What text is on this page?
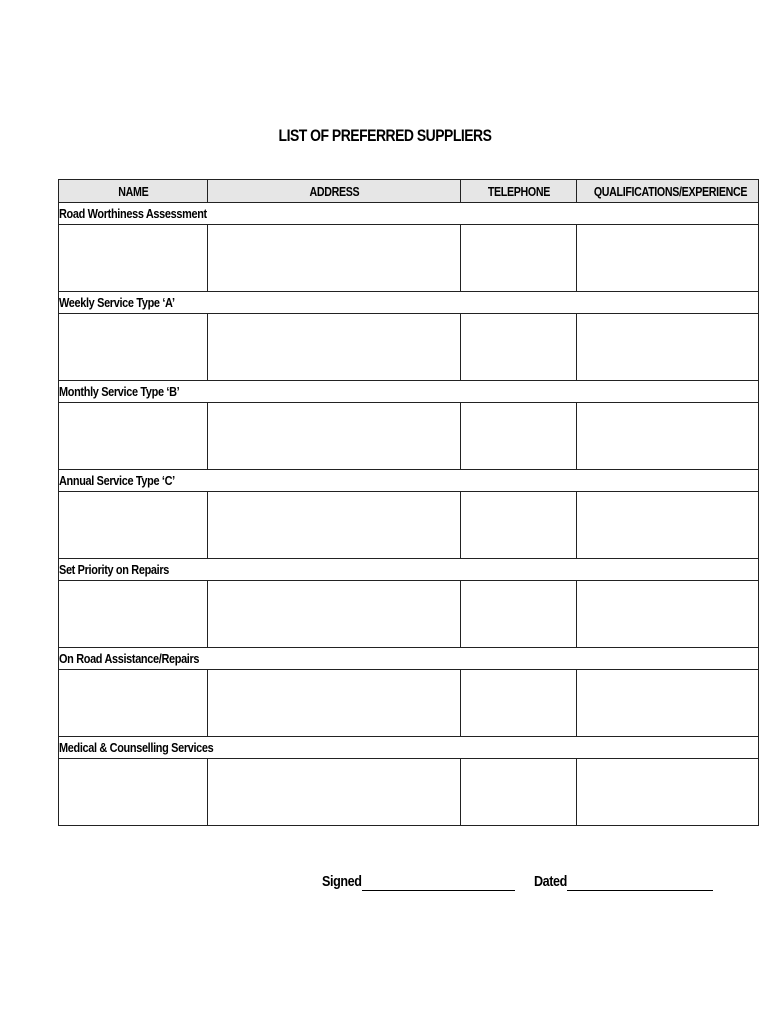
LIST OF PREFERRED SUPPLIERS
NAME	ADDRESS	TELEPHONE	QUALIFICATIONS/EXPERIENCE
Road Worthiness Assessment			

Weekly Service Type ‘A’			

Monthly Service Type ‘B’			

Annual Service Type ‘C’			

Set Priority on Repairs			

On Road Assistance/Repairs			

Medical & Counselling Services			

Signed	Dated
